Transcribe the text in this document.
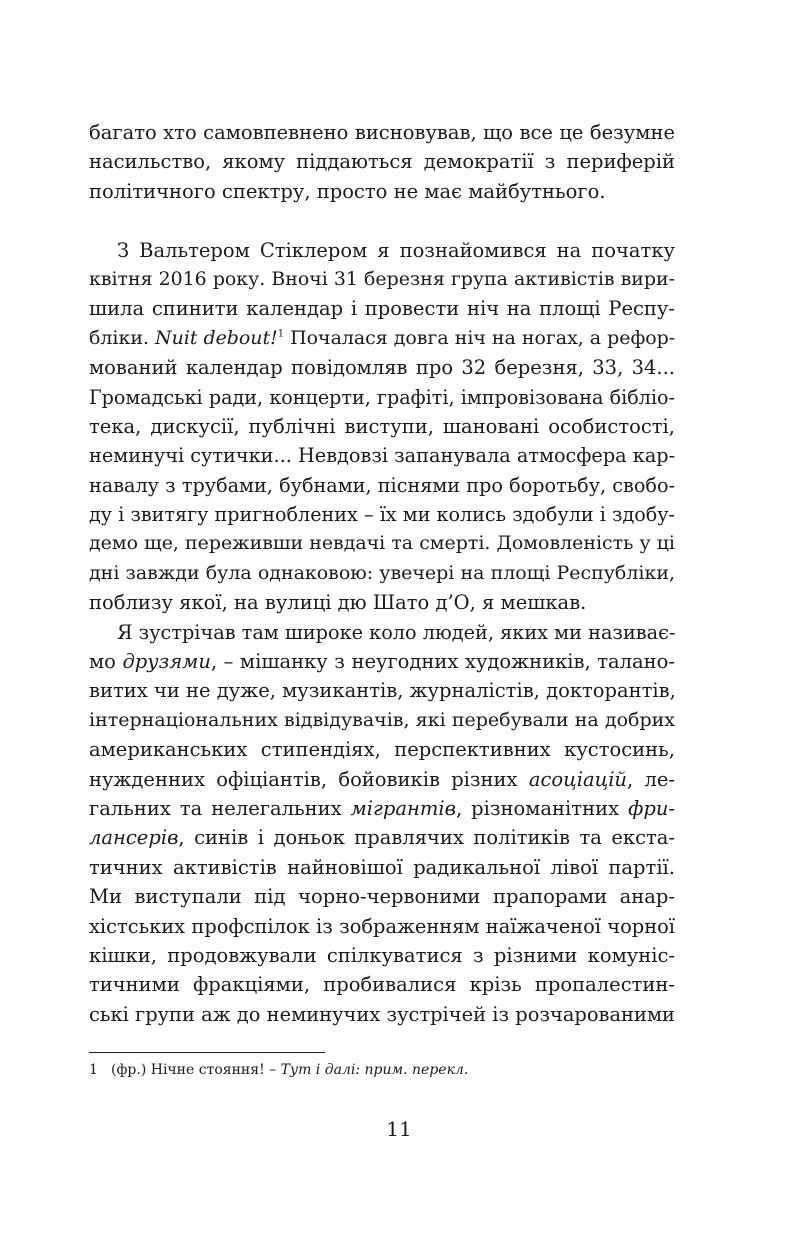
багато хто самовпевнено висновував, що все це безумне
насильство, якому піддаються демократії з периферій
політичного спектру, просто не має майбутнього.
З Вальтером Стіклером я познайомився на початку
квітня 2016 року. Вночі 31 березня група активістів вири-
шила спинити календар і провести ніч на площі Респу-
бліки. Nuit debout!$^1$ Почалася довга ніч на ногах, а рефор-
мований календар повідомляв про 32 березня, 33, 34...
Громадські ради, концерти, графіті, імпровізована бібліо-
тека, дискусії, публічні виступи, шановані особистості,
неминучі сутички... Невдовзі запанувала атмосфера кар-
навалу з трубами, бубнами, піснями про боротьбу, свобо-
ду і звитягу пригноблених – їх ми колись здобули і здобу-
демо ще, переживши невдачі та смерті. Домовленість у ці
дні завжди була однаковою: увечері на площі Республіки,
поблизу якої, на вулиці дю Шато д’О, я мешкав.
Я зустрічав там широке коло людей, яких ми називає-
мо друзями, – мішанку з неугодних художників, талано-
витих чи не дуже, музикантів, журналістів, докторантів,
інтернаціональних відвідувачів, які перебували на добрих
американських стипендіях, перспективних кустосинь,
нужденних офіціантів, бойовиків різних асоціацій, ле-
гальних та нелегальних мігрантів, різноманітних фри-
лансерів, синів і доньок правлячих політиків та екста-
тичних активістів найновішої радикальної лівої партії.
Ми виступали під чорно-червоними прапорами анар-
хістських профспілок із зображенням наїжаченої чорної
кішки, продовжували спілкуватися з різними комуніс-
тичними фракціями, пробивалися крізь пропалестин-
ські групи аж до неминучих зустрічей із розчарованими
1 (фр.) Нічне стояння! – Тут і далі: прим. перекл.
11
